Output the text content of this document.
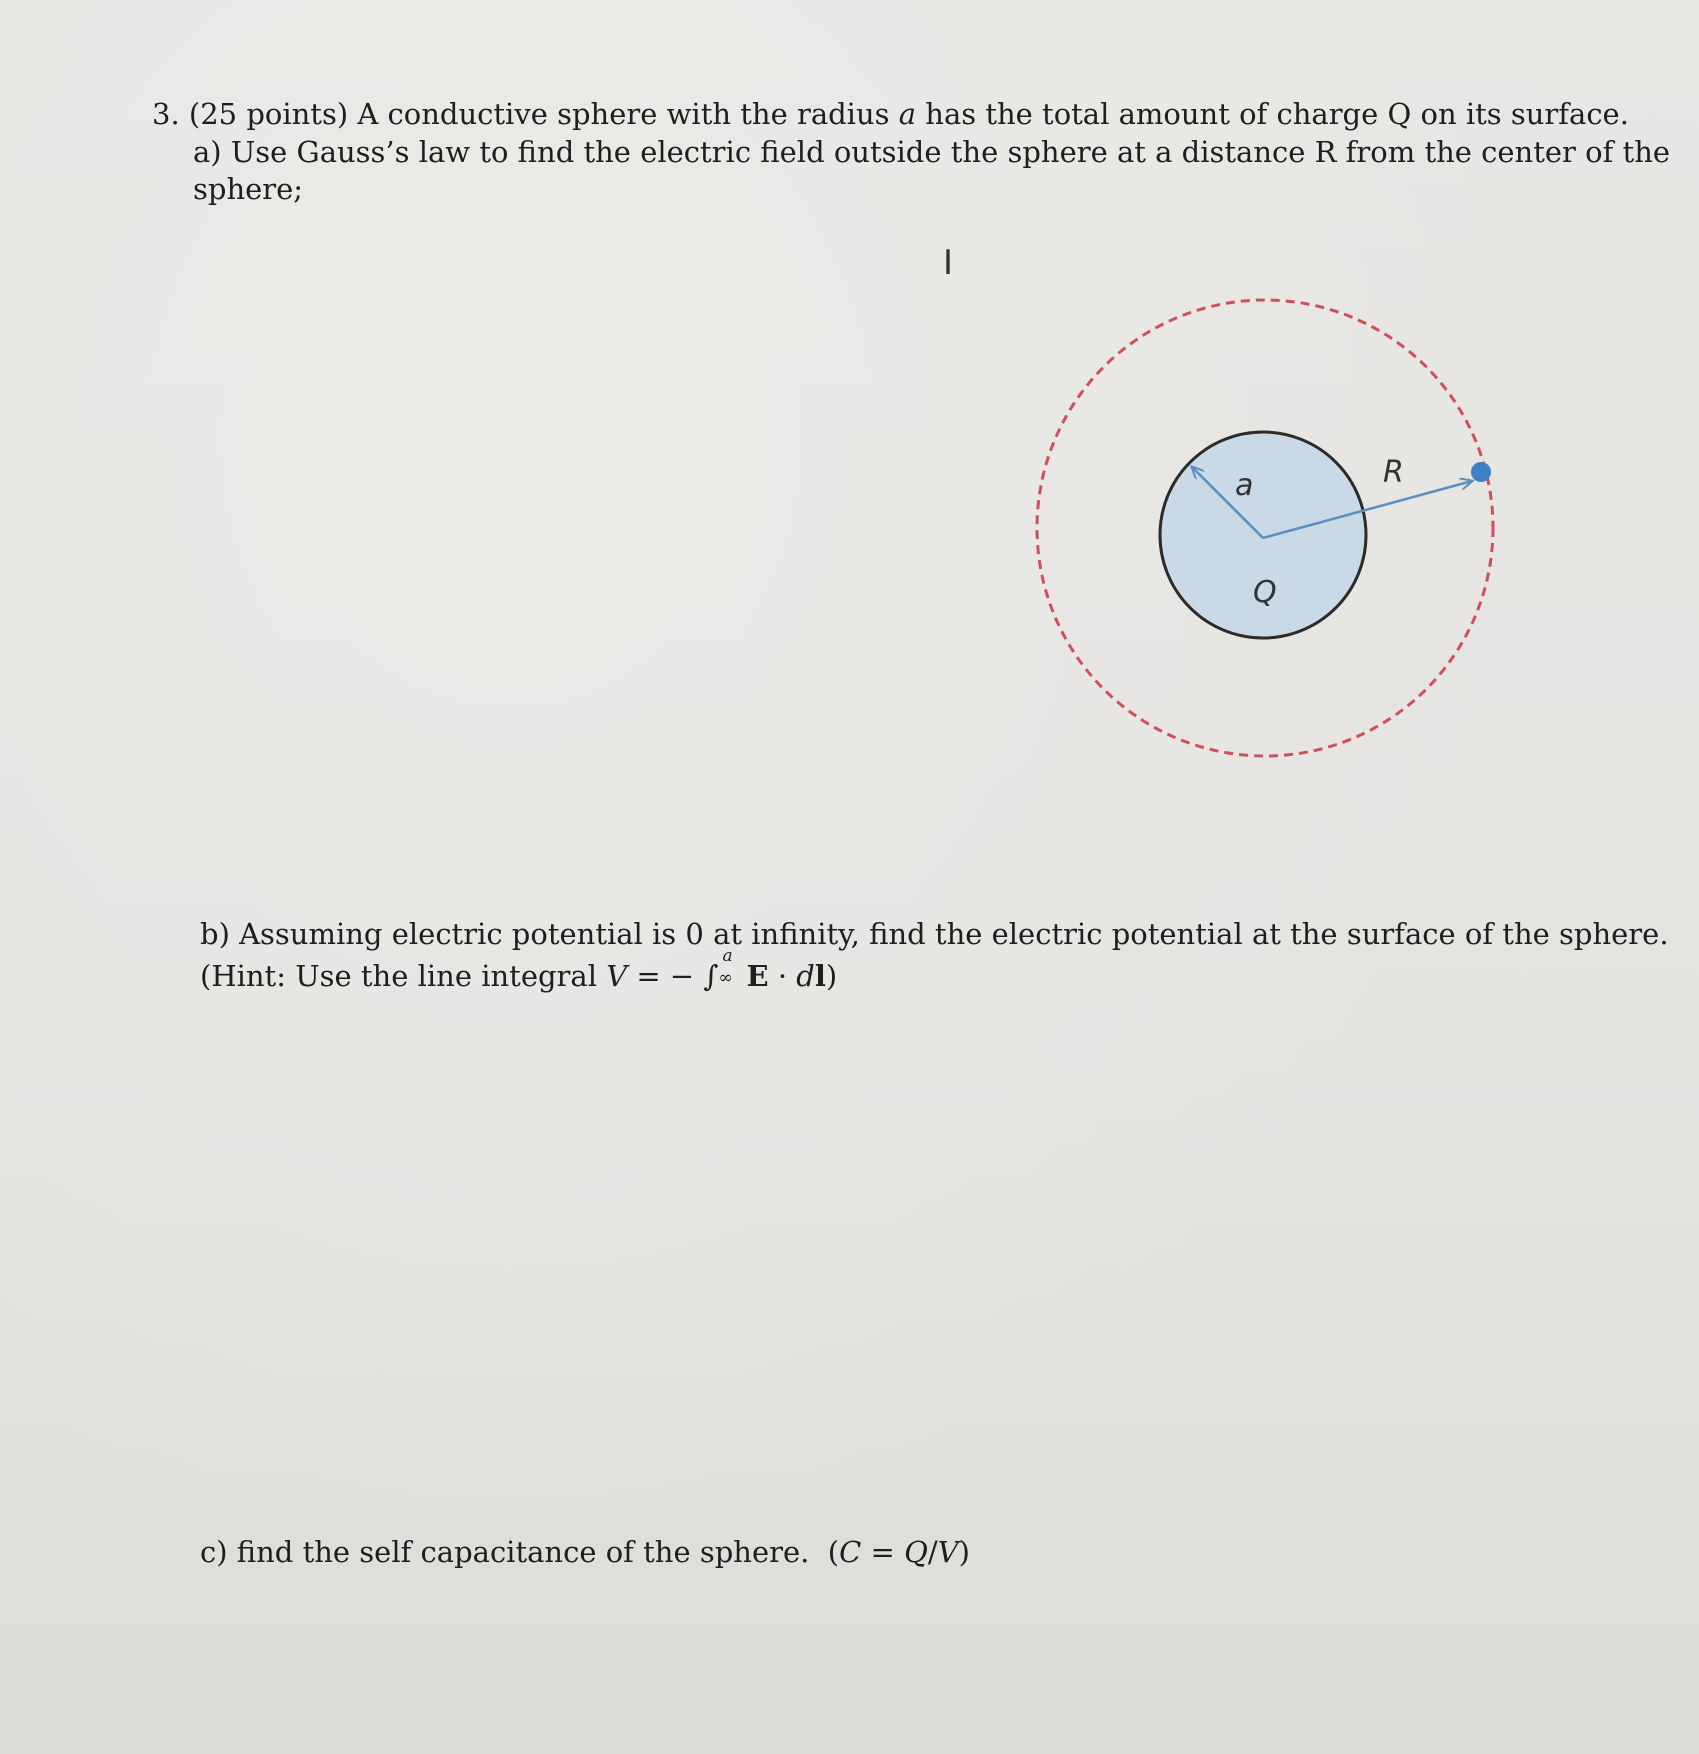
3. (25 points) A conductive sphere with the radius a has the total amount of charge Q on its surface.
a) Use Gauss’s law to find the electric field outside the sphere at a distance R from the center of the
sphere;
I
a	R
Q
b) Assuming electric potential is 0 at infinity, find the electric potential at the surface of the sphere.
(Hint: Use the line integral V = − ∫
a
∞ E · dl)
c) find the self capacitance of the sphere. (C = Q/V)
